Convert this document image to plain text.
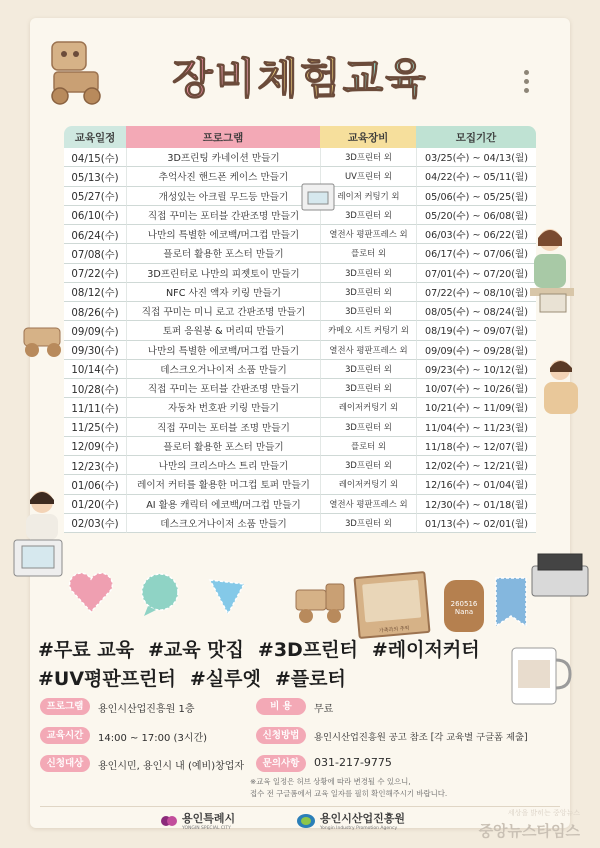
장비체험교육
교육일정	프로그램	교육장비	모집기간
04/15(수)	3D프린팅 카네이션 만들기	3D프린터 외	03/25(수) ~ 04/13(월)
05/13(수)	추억사진 핸드폰 케이스 만들기	UV프린터 외	04/22(수) ~ 05/11(월)
05/27(수)	개성있는 아크릴 무드등 만들기	레이저 커팅기 외	05/06(수) ~ 05/25(월)
06/10(수)	직접 꾸미는 포터블 간판조명 만들기	3D프린터 외	05/20(수) ~ 06/08(월)
06/24(수)	나만의 특별한 에코백/머그컵 만들기	열전사 평판프레스 외	06/03(수) ~ 06/22(월)
07/08(수)	플로터 활용한 포스터 만들기	플로터 외	06/17(수) ~ 07/06(월)
07/22(수)	3D프린터로 나만의 피젯토이 만들기	3D프린터 외	07/01(수) ~ 07/20(월)
08/12(수)	NFC 사진 액자 키링 만들기	3D프린터 외	07/22(수) ~ 08/10(월)
08/26(수)	직접 꾸미는 미니 로고 간판조명 만들기	3D프린터 외	08/05(수) ~ 08/24(월)
09/09(수)	토퍼 응원봉 & 머리띠 만들기	카메오 시트 커팅기 외	08/19(수) ~ 09/07(월)
09/30(수)	나만의 특별한 에코백/머그컵 만들기	열전사 평판프레스 외	09/09(수) ~ 09/28(월)
10/14(수)	데스크오거나이저 소품 만들기	3D프린터 외	09/23(수) ~ 10/12(월)
10/28(수)	직접 꾸미는 포터블 간판조명 만들기	3D프린터 외	10/07(수) ~ 10/26(월)
11/11(수)	자동차 번호판 키링 만들기	레이저커팅기 외	10/21(수) ~ 11/09(월)
11/25(수)	직접 꾸미는 포터블 조명 만들기	3D프린터 외	11/04(수) ~ 11/23(월)
12/09(수)	플로터 활용한 포스터 만들기	플로터 외	11/18(수) ~ 12/07(월)
12/23(수)	나만의 크리스마스 트리 만들기	3D프린터 외	12/02(수) ~ 12/21(월)
01/06(수)	레이저 커터를 활용한 머그컵 토퍼 만들기	레이저커팅기 외	12/16(수) ~ 01/04(월)
01/20(수)	AI 활용 캐릭터 에코백/머그컵 만들기	열전사 평판프레스 외	12/30(수) ~ 01/18(월)
02/03(수)	데스크오거나이저 소품 만들기	3D프린터 외	01/13(수) ~ 02/01(월)
가족과의 추억
260516
Nana
#무료 교육 #교육 맛집 #3D프린터 #레이저커터
#UV평판프린터 #실루엣 #플로터
프로그램	용인시산업진흥원 1층	비 용	무료
교육시간	14:00 ~ 17:00 (3시간)	신청방법	용인시산업진흥원 공고 참조 [각 교육별 구글폼 제출]
신청대상	용인시민, 용인시 내 (예비)창업자	문의사항	031-217-9775
※교육 일정은 허브 상황에 따라 변경될 수 있으니,
접수 전 구글폼에서 교육 일자를 필히 확인해주시기 바랍니다.
용인특례시
YONGIN SPECIAL CITY
용인시산업진흥원
Yongin Industry Promotion Agency
세상을 밝히는 중앙뉴스
중앙뉴스타임스
